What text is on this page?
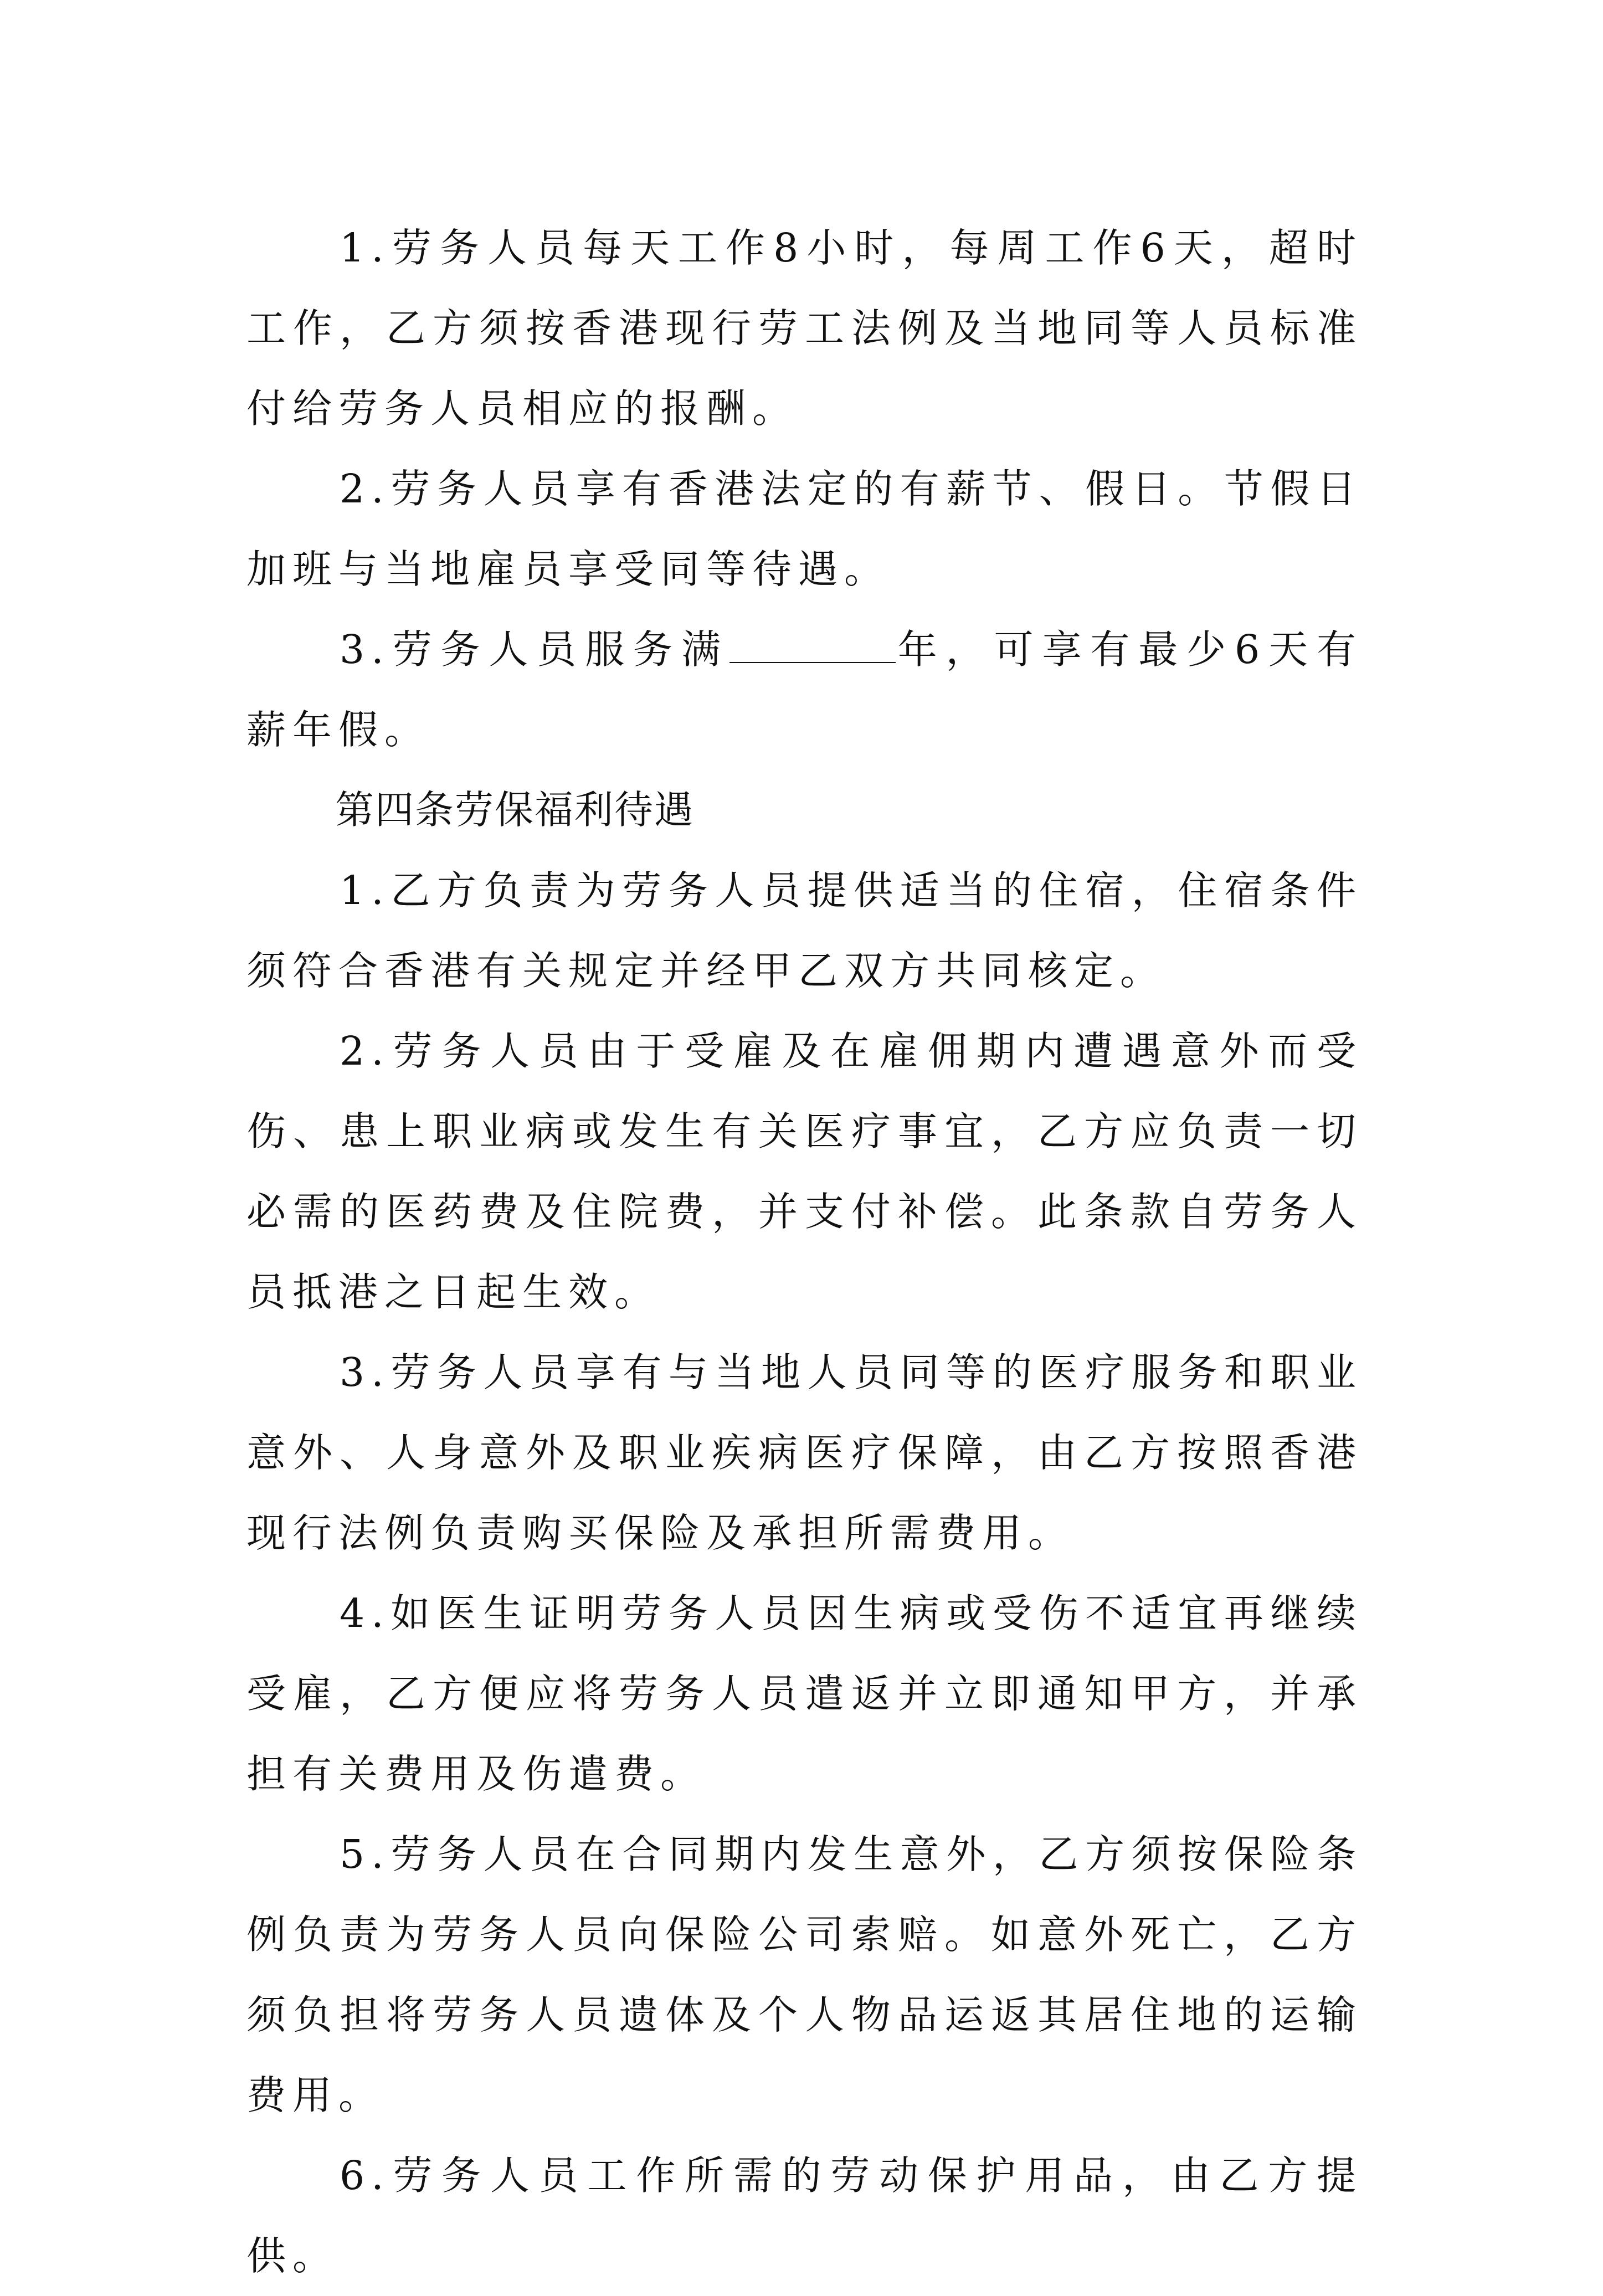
1.劳务人员每天工作8小时，每周工作6天，超时工作，乙方须按香港现行劳工法例及当地同等人员标准付给劳务人员相应的报酬。

2.劳务人员享有香港法定的有薪节、假日。节假日加班与当地雇员享受同等待遇。

3.劳务人员服务满	年，可享有最少6天有薪年假。

第四条劳保福利待遇

1.乙方负责为劳务人员提供适当的住宿，住宿条件须符合香港有关规定并经甲乙双方共同核定。

2.劳务人员由于受雇及在雇佣期内遭遇意外而受伤、患上职业病或发生有关医疗事宜，乙方应负责一切必需的医药费及住院费，并支付补偿。此条款自劳务人员抵港之日起生效。

3.劳务人员享有与当地人员同等的医疗服务和职业意外、人身意外及职业疾病医疗保障，由乙方按照香港现行法例负责购买保险及承担所需费用。

4.如医生证明劳务人员因生病或受伤不适宜再继续受雇，乙方便应将劳务人员遣返并立即通知甲方，并承担有关费用及伤遣费。

5.劳务人员在合同期内发生意外，乙方须按保险条例负责为劳务人员向保险公司索赔。如意外死亡，乙方须负担将劳务人员遗体及个人物品运返其居住地的运输费用。

6.劳务人员工作所需的劳动保护用品，由乙方提供。
